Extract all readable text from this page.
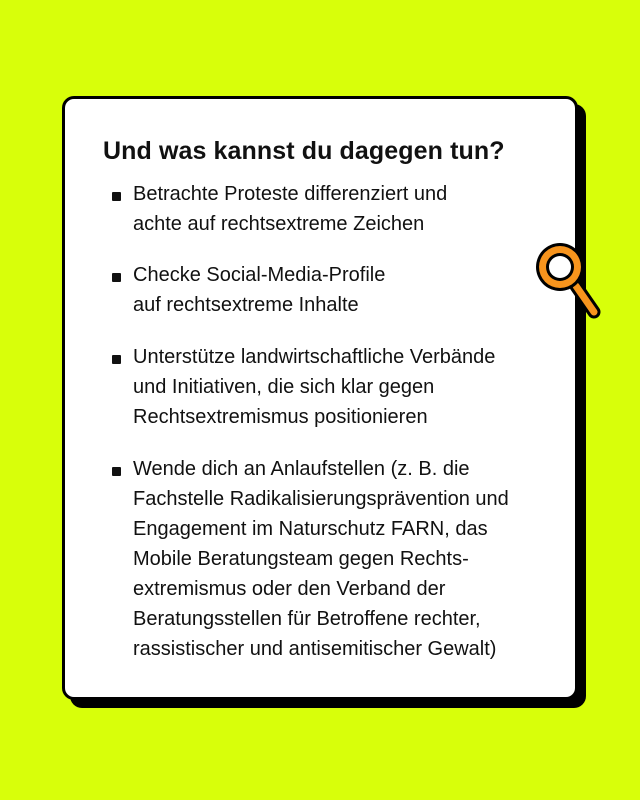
Und was kannst du dagegen tun?
Betrachte Proteste differenziert und
achte auf rechtsextreme Zeichen
Checke Social-Media-Profile
auf rechtsextreme Inhalte
Unterstütze landwirtschaftliche Verbände
und Initiativen, die sich klar gegen
Rechtsextremismus positionieren
Wende dich an Anlaufstellen (z. B. die
Fachstelle Radikalisierungsprävention und
Engagement im Naturschutz FARN, das
Mobile Beratungsteam gegen Rechts-
extremismus oder den Verband der
Beratungsstellen für Betroffene rechter,
rassistischer und antisemitischer Gewalt)
